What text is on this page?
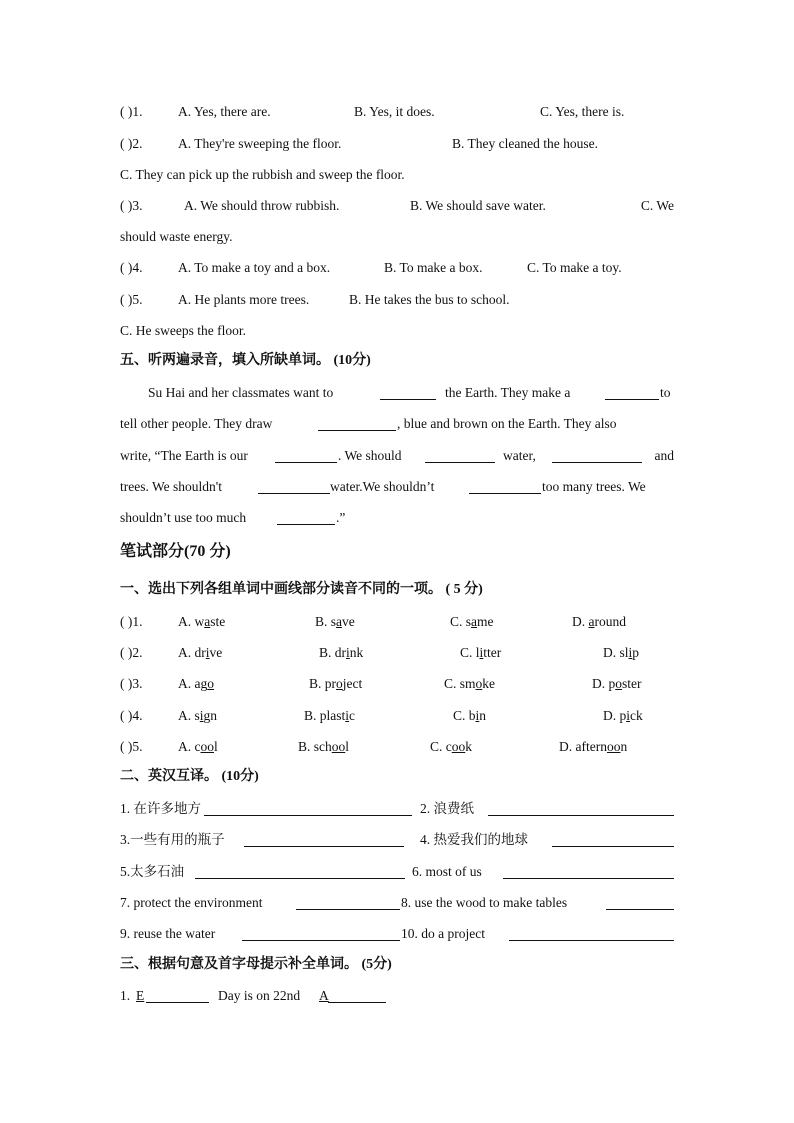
( )1.	A. Yes, there are.	B. Yes, it does.	C. Yes, there is.
( )2.	A. They're sweeping the floor.	B. They cleaned the house.
C. They can pick up the rubbish and sweep the floor.
( )3.	A. We should throw rubbish.	B. We should save water.	C. We
should waste energy.
( )4.	A. To make a toy and a box.	B. To make a box.	C. To make a toy.
( )5.	A. He plants more trees.	B. He takes the bus to school.
C. He sweeps the floor.
五、听两遍录音，填入所缺单词。 (10分)
Su Hai and her classmates want to	the Earth. They make a	to
tell other people. They draw	, blue and brown on the Earth. They also
write, “The Earth is our	. We should	water,	and
trees. We shouldn't	water.We shouldn’t	too many trees. We
shouldn’t use too much	.”
笔试部分(70 分)
一、选出下列各组单词中画线部分读音不同的一项。 ( 5 分)
( )1.	A. waste	B. save	C. same	D. around
( )2.	A. drive	B. drink	C. litter	D. slip
( )3.	A. ago	B. project	C. smoke	D. poster
( )4.	A. sign	B. plastic	C. bin	D. pick
( )5.	A. cool	B. school	C. cook	D. afternoon
二、英汉互译。 (10分)
1. 在许多地方	2. 浪费纸
3.一些有用的瓶子	4. 热爱我们的地球
5.太多石油	6. most of us
7. protect the environment	8. use the wood to make tables
9. reuse the water	10. do a project
三、根据句意及首字母提示补全单词。 (5分)
1. E	Day is on 22nd A
